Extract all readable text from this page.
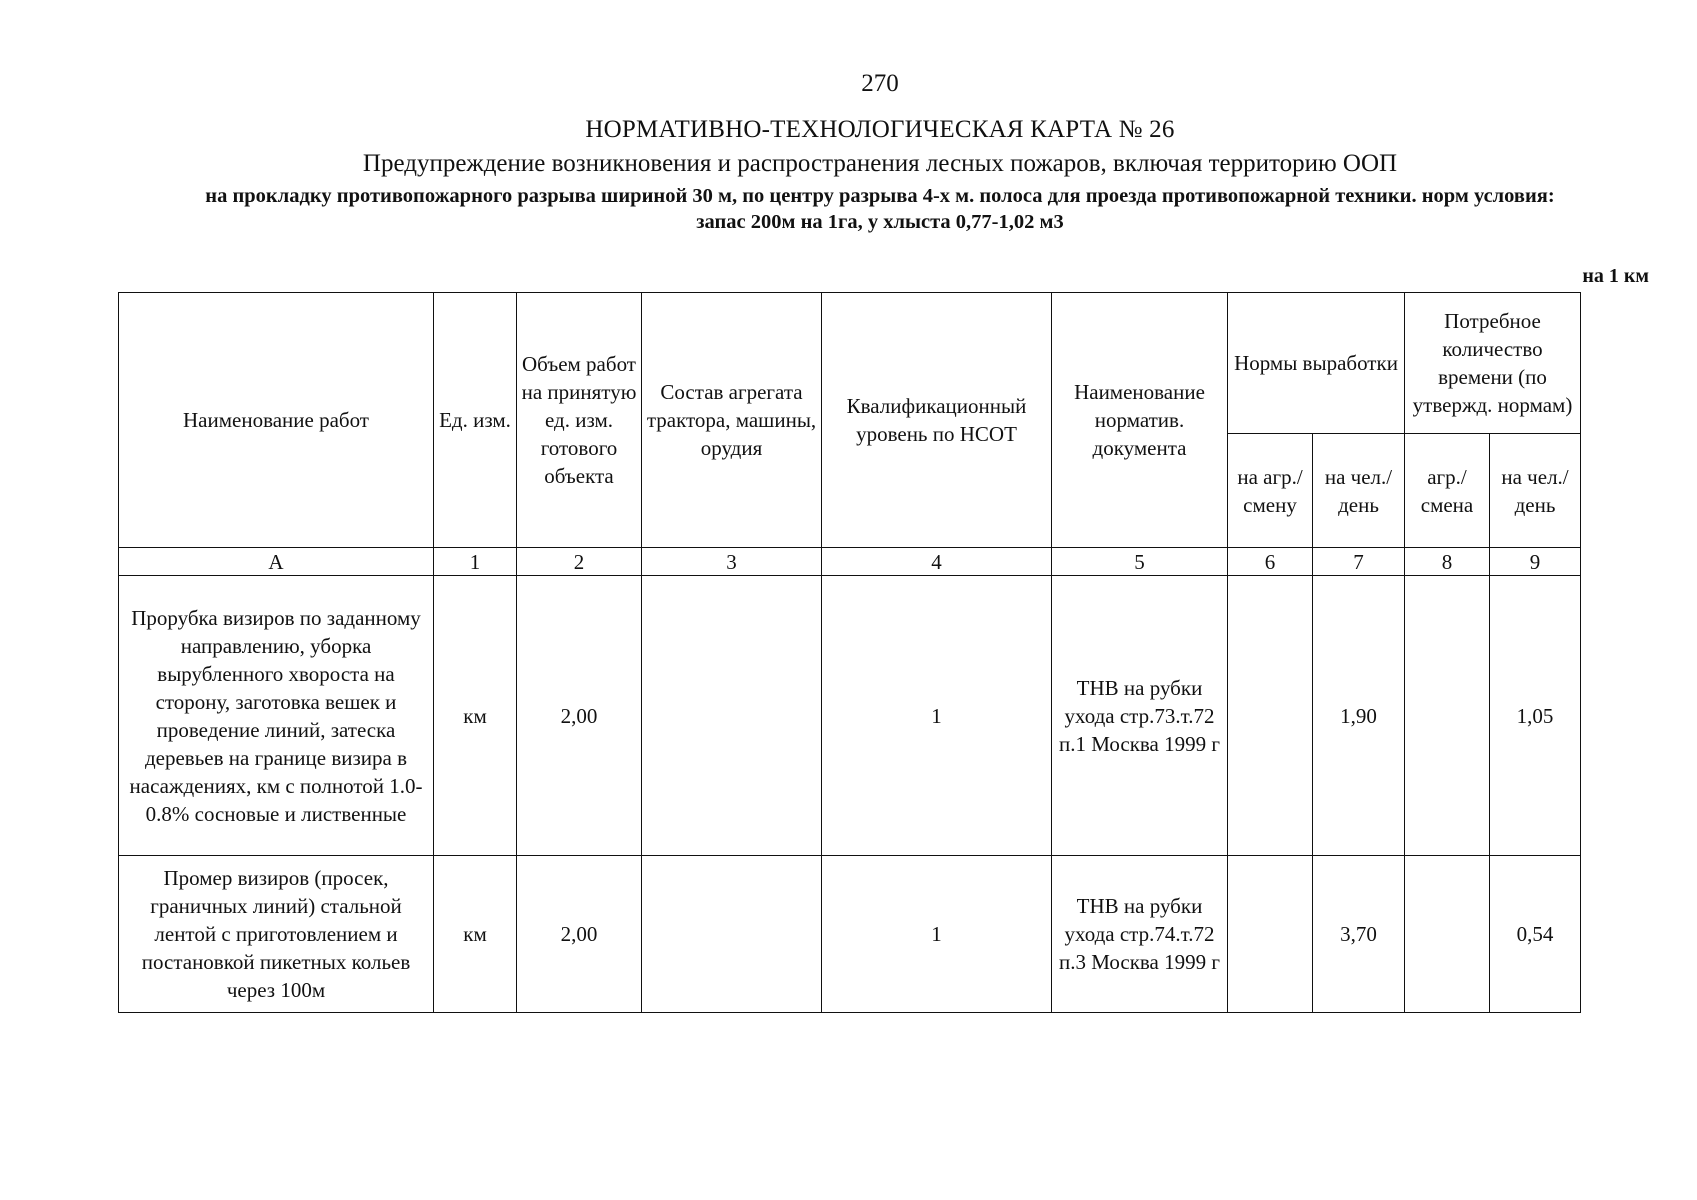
270
НОРМАТИВНО-ТЕХНОЛОГИЧЕСКАЯ КАРТА № 26
Предупреждение возникновения и распространения лесных пожаров, включая территорию ООП
на прокладку противопожарного разрыва шириной 30 м, по центру разрыва 4-х м. полоса для проезда противопожарной техники. норм условия: запас 200м на 1га, у хлыста 0,77-1,02 м3
на 1 км
Наименование работ	Ед. изм.	Объем работ на принятую ед. изм. готового объекта	Состав агрегата трактора, машины, орудия	Квалификационный уровень по НСОТ	Наименование норматив. документа	Нормы выработки		Потребное количество времени (по утвержд. нормам)	
						на агр./ смену	на чел./ день	агр./ смена	на чел./ день
А	1	2	3	4	5	6	7	8	9
Прорубка визиров по заданному направлению, уборка вырубленного хвороста на сторону, заготовка вешек и проведение линий, затеска деревьев на границе визира в насаждениях, км с полнотой 1.0-0.8% сосновые и лиственные	км	2,00		1	ТНВ на рубки ухода стр.73.т.72 п.1 Москва 1999 г		1,90		1,05
Промер визиров (просек, граничных линий) стальной лентой с приготовлением и постановкой пикетных кольев через 100м	км	2,00		1	ТНВ на рубки ухода стр.74.т.72 п.3 Москва 1999 г		3,70		0,54
